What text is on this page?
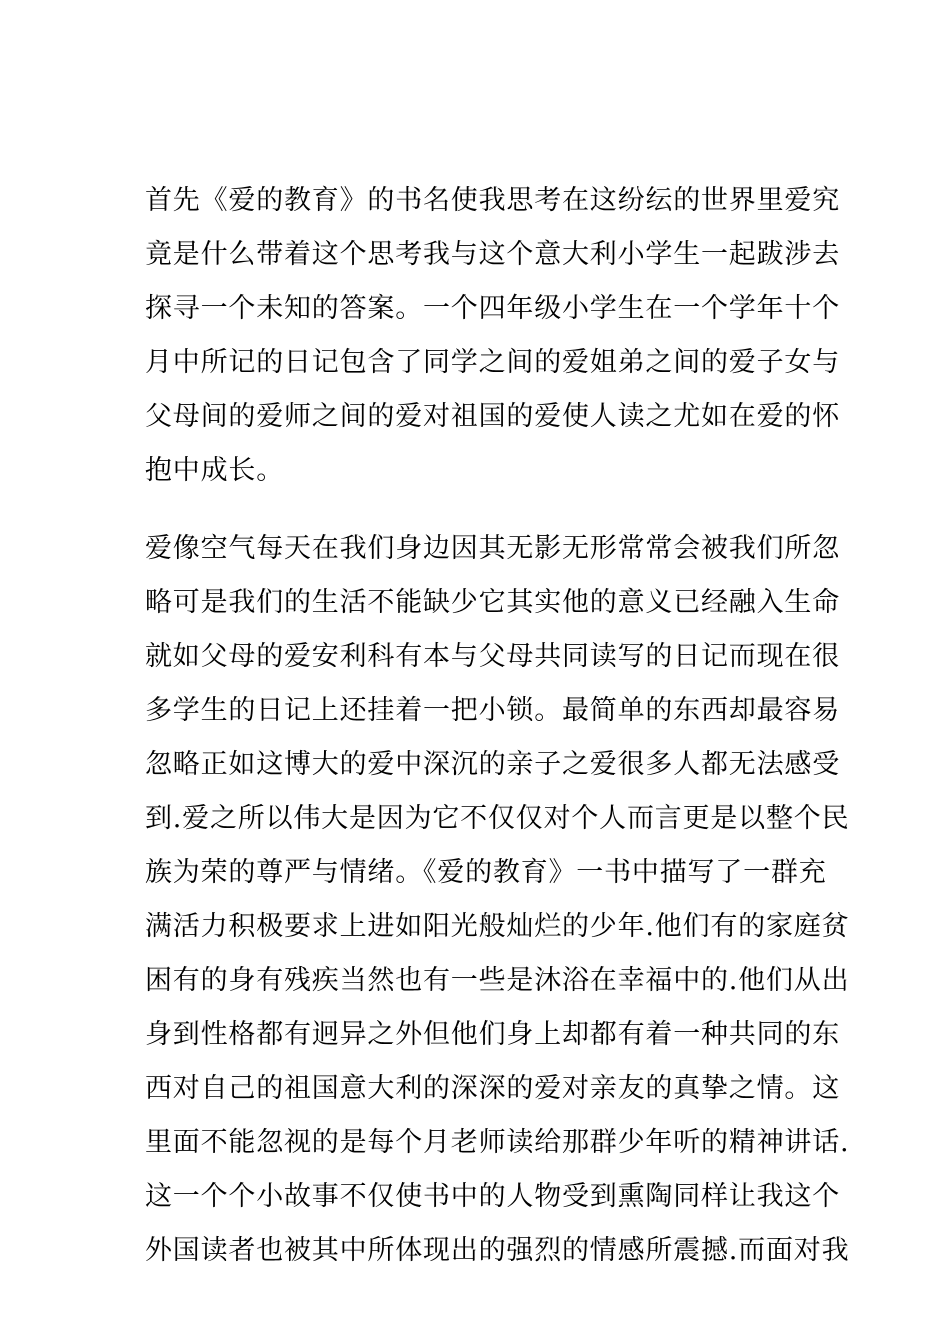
首先《爱的教育》的书名使我思考在这纷纭的世界里爱究
竟是什么带着这个思考我与这个意大利小学生一起跋涉去
探寻一个未知的答案。一个四年级小学生在一个学年十个
月中所记的日记包含了同学之间的爱姐弟之间的爱子女与
父母间的爱师之间的爱对祖国的爱使人读之尤如在爱的怀
抱中成长。
爱像空气每天在我们身边因其无影无形常常会被我们所忽
略可是我们的生活不能缺少它其实他的意义已经融入生命
就如父母的爱安利科有本与父母共同读写的日记而现在很
多学生的日记上还挂着一把小锁。最简单的东西却最容易
忽略正如这博大的爱中深沉的亲子之爱很多人都无法感受
到.爱之所以伟大是因为它不仅仅对个人而言更是以整个民
族为荣的尊严与情绪。《爱的教育》一书中描写了一群充
满活力积极要求上进如阳光般灿烂的少年.他们有的家庭贫
困有的身有残疾当然也有一些是沐浴在幸福中的.他们从出
身到性格都有迥异之外但他们身上却都有着一种共同的东
西对自己的祖国意大利的深深的爱对亲友的真挚之情。这
里面不能忽视的是每个月老师读给那群少年听的精神讲话.
这一个个小故事不仅使书中的人物受到熏陶同样让我这个
外国读者也被其中所体现出的强烈的情感所震撼.而面对我
